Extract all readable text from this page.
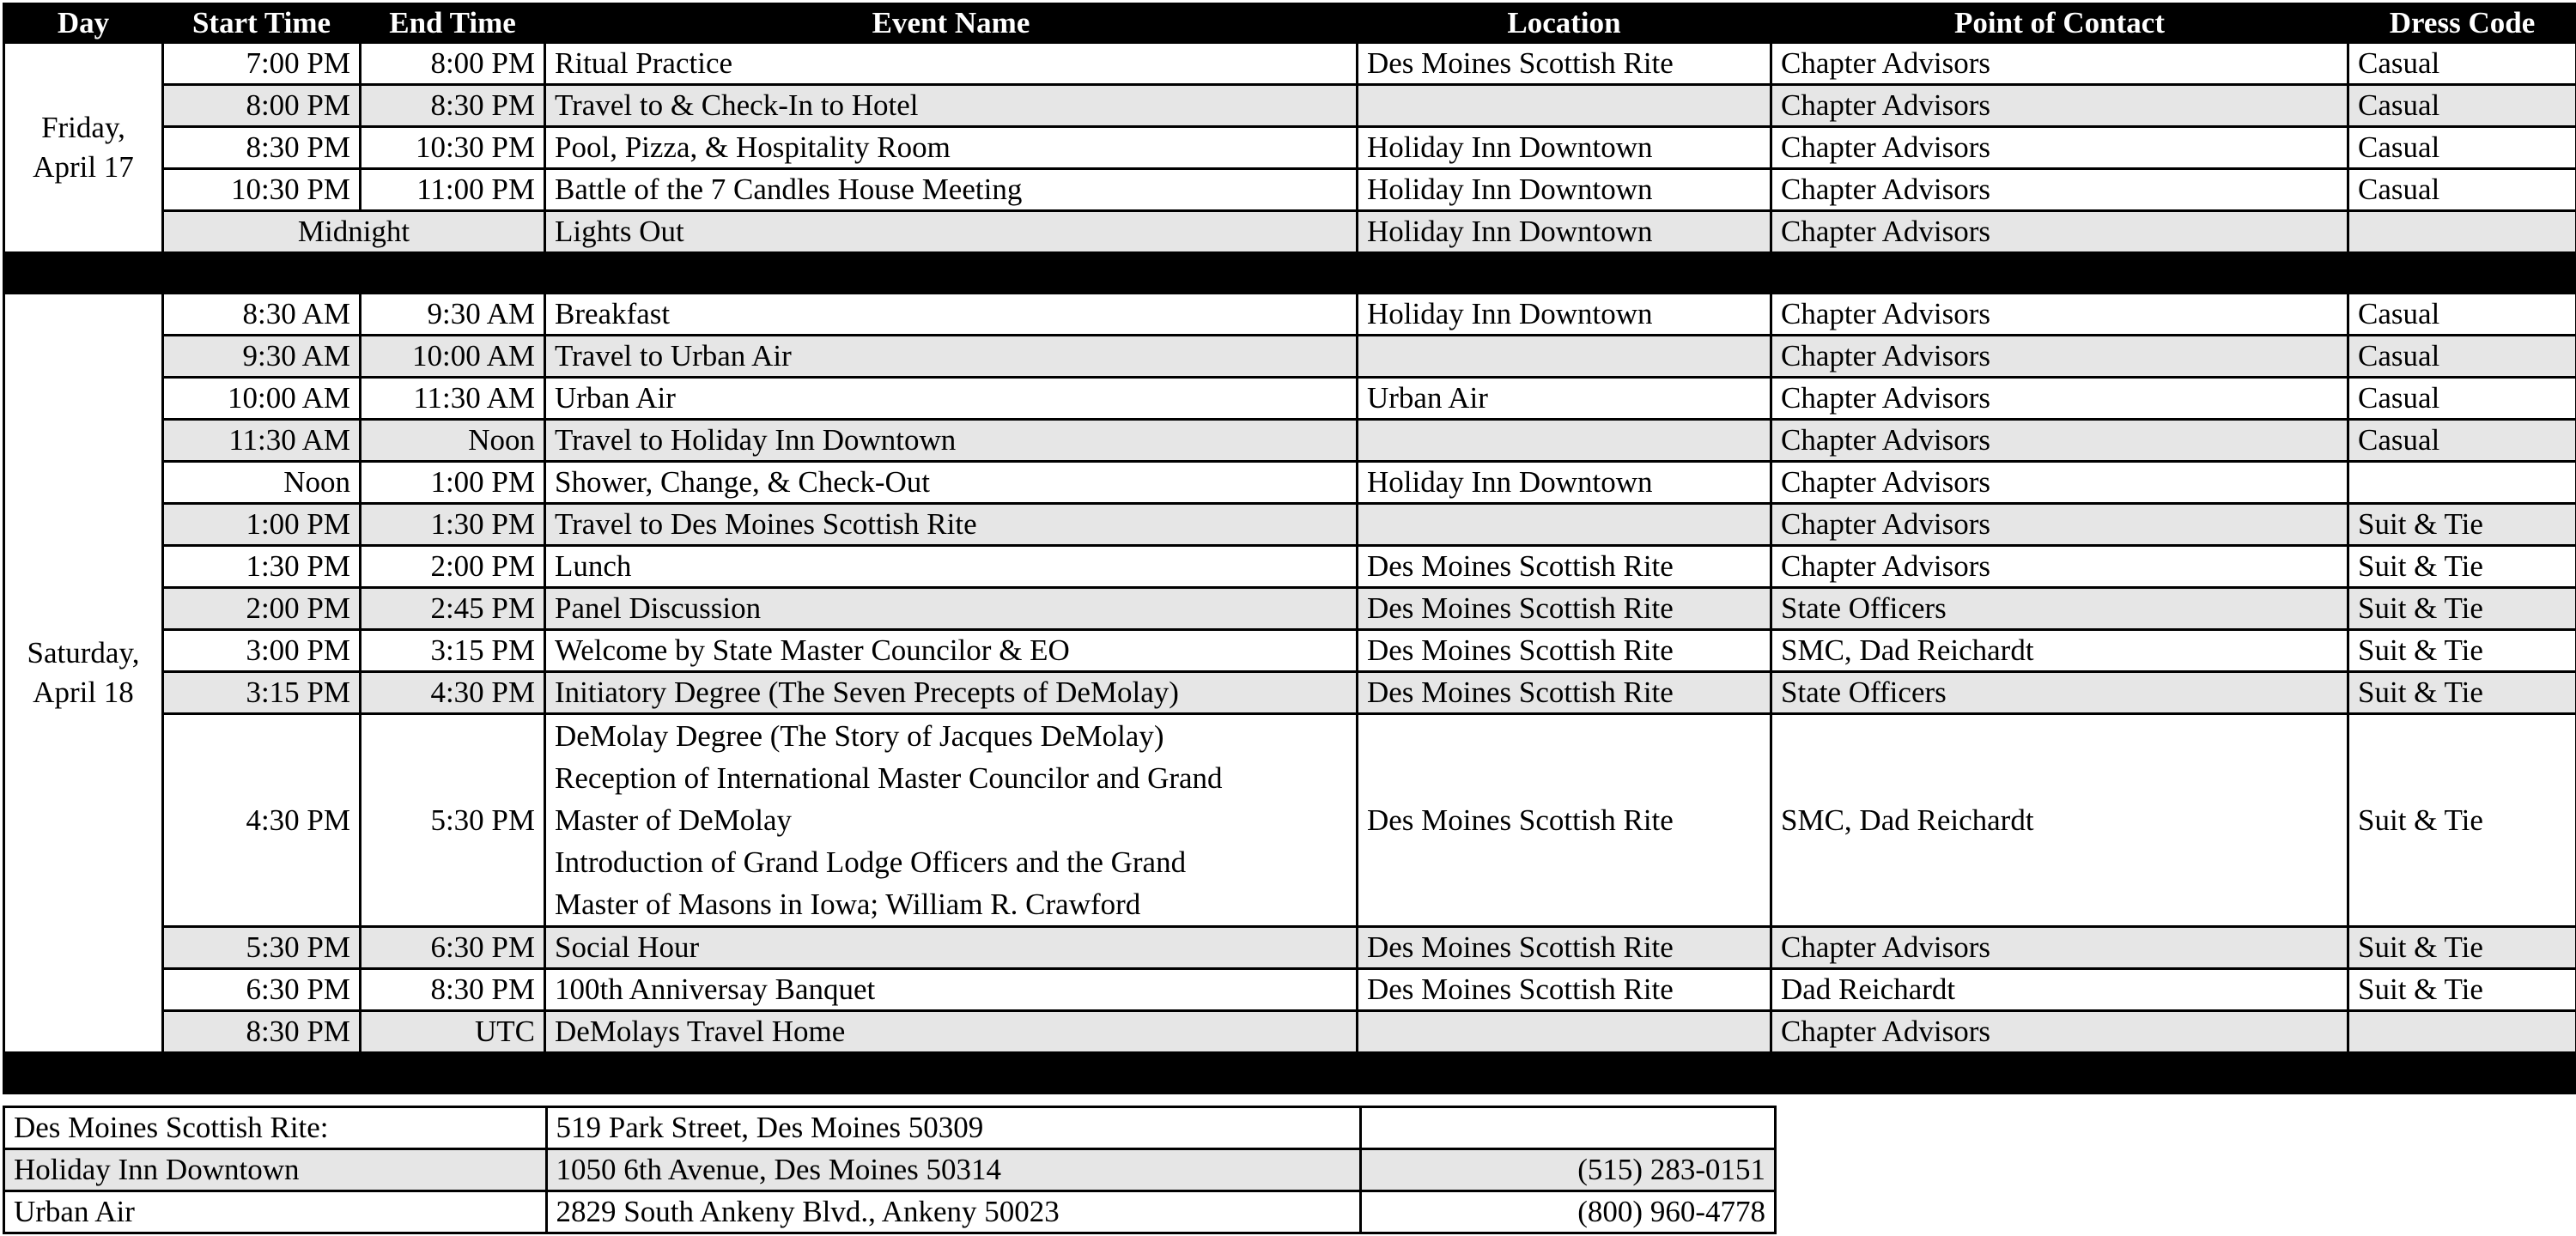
Day	Start Time	End Time	Event Name	Location	Point of Contact	Dress Code

Friday,
April 17	7:00 PM	8:00 PM	Ritual Practice	Des Moines Scottish Rite	Chapter Advisors	Casual
	8:00 PM	8:30 PM	Travel to & Check-In to Hotel		Chapter Advisors	Casual
	8:30 PM	10:30 PM	Pool, Pizza, & Hospitality Room	Holiday Inn Downtown	Chapter Advisors	Casual
	10:30 PM	11:00 PM	Battle of the 7 Candles House Meeting	Holiday Inn Downtown	Chapter Advisors	Casual
	Midnight		Lights Out	Holiday Inn Downtown	Chapter Advisors	

Saturday,
April 18	8:30 AM	9:30 AM	Breakfast	Holiday Inn Downtown	Chapter Advisors	Casual
	9:30 AM	10:00 AM	Travel to Urban Air		Chapter Advisors	Casual
	10:00 AM	11:30 AM	Urban Air	Urban Air	Chapter Advisors	Casual
	11:30 AM	Noon	Travel to Holiday Inn Downtown		Chapter Advisors	Casual
	Noon	1:00 PM	Shower, Change, & Check-Out	Holiday Inn Downtown	Chapter Advisors	
	1:00 PM	1:30 PM	Travel to Des Moines Scottish Rite		Chapter Advisors	Suit & Tie
	1:30 PM	2:00 PM	Lunch	Des Moines Scottish Rite	Chapter Advisors	Suit & Tie
	2:00 PM	2:45 PM	Panel Discussion	Des Moines Scottish Rite	State Officers	Suit & Tie
	3:00 PM	3:15 PM	Welcome by State Master Councilor & EO	Des Moines Scottish Rite	SMC, Dad Reichardt	Suit & Tie
	3:15 PM	4:30 PM	Initiatory Degree (The Seven Precepts of DeMolay)	Des Moines Scottish Rite	State Officers	Suit & Tie
	4:30 PM	5:30 PM	DeMolay Degree (The Story of Jacques DeMolay)
Reception of International Master Councilor and Grand
Master of DeMolay
Introduction of Grand Lodge Officers and the Grand
Master of Masons in Iowa; William R. Crawford	Des Moines Scottish Rite	SMC, Dad Reichardt	Suit & Tie
	5:30 PM	6:30 PM	Social Hour	Des Moines Scottish Rite	Chapter Advisors	Suit & Tie
	6:30 PM	8:30 PM	100th Anniversay Banquet	Des Moines Scottish Rite	Dad Reichardt	Suit & Tie
	8:30 PM	UTC	DeMolays Travel Home		Chapter Advisors	

Des Moines Scottish Rite:	519 Park Street, Des Moines 50309	
Holiday Inn Downtown	1050 6th Avenue, Des Moines 50314	(515) 283-0151
Urban Air	2829 South Ankeny Blvd., Ankeny 50023	(800) 960-4778
